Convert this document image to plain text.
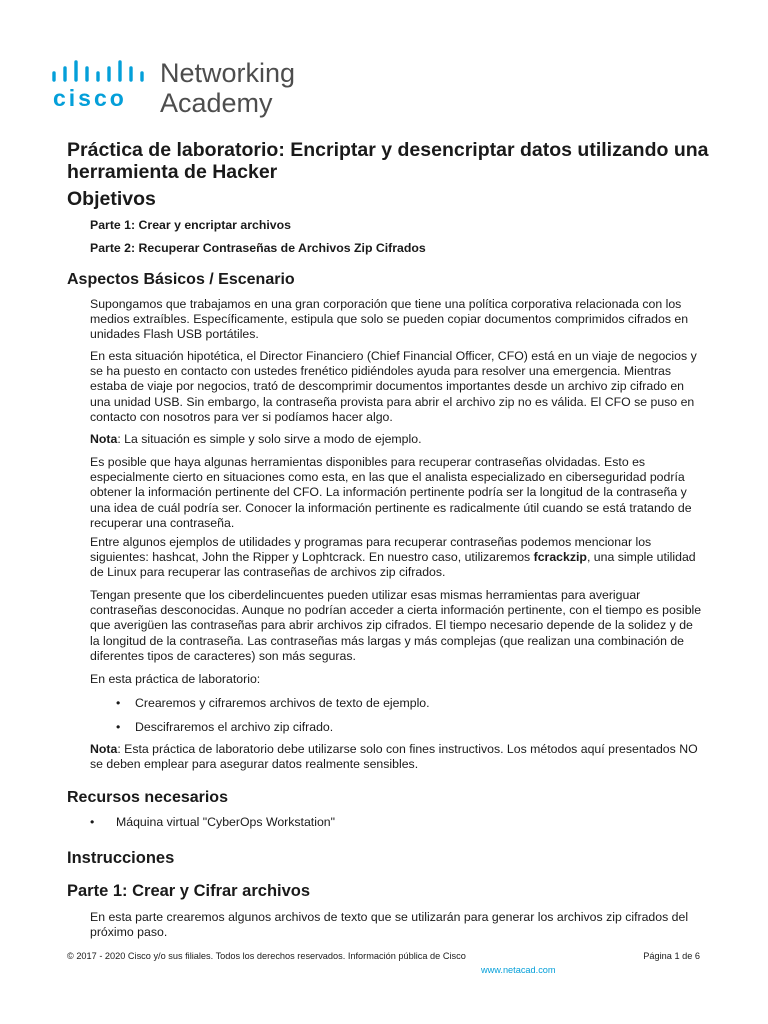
cisco
Networking
Academy
Práctica de laboratorio: Encriptar y desencriptar datos utilizando una herramienta de Hacker
Objetivos

Parte 1: Crear y encriptar archivos

Parte 2: Recuperar Contraseñas de Archivos Zip Cifrados

Aspectos Básicos / Escenario

Supongamos que trabajamos en una gran corporación que tiene una política corporativa relacionada con los medios extraíbles. Específicamente, estipula que solo se pueden copiar documentos comprimidos cifrados en unidades Flash USB portátiles.

En esta situación hipotética, el Director Financiero (Chief Financial Officer, CFO) está en un viaje de negocios y se ha puesto en contacto con ustedes frenético pidiéndoles ayuda para resolver una emergencia. Mientras estaba de viaje por negocios, trató de descomprimir documentos importantes desde un archivo zip cifrado en una unidad USB. Sin embargo, la contraseña provista para abrir el archivo zip no es válida. El CFO se puso en contacto con nosotros para ver si podíamos hacer algo.

Nota: La situación es simple y solo sirve a modo de ejemplo.

Es posible que haya algunas herramientas disponibles para recuperar contraseñas olvidadas. Esto es especialmente cierto en situaciones como esta, en las que el analista especializado en ciberseguridad podría obtener la información pertinente del CFO. La información pertinente podría ser la longitud de la contraseña y una idea de cuál podría ser. Conocer la información pertinente es radicalmente útil cuando se está tratando de recuperar una contraseña.

Entre algunos ejemplos de utilidades y programas para recuperar contraseñas podemos mencionar los siguientes: hashcat, John the Ripper y Lophtcrack. En nuestro caso, utilizaremos fcrackzip, una simple utilidad de Linux para recuperar las contraseñas de archivos zip cifrados.

Tengan presente que los ciberdelincuentes pueden utilizar esas mismas herramientas para averiguar contraseñas desconocidas. Aunque no podrían acceder a cierta información pertinente, con el tiempo es posible que averigüen las contraseñas para abrir archivos zip cifrados. El tiempo necesario depende de la solidez y de la longitud de la contraseña. Las contraseñas más largas y más complejas (que realizan una combinación de diferentes tipos de caracteres) son más seguras.

En esta práctica de laboratorio:

• Crearemos y cifraremos archivos de texto de ejemplo.
• Descifraremos el archivo zip cifrado.

Nota: Esta práctica de laboratorio debe utilizarse solo con fines instructivos. Los métodos aquí presentados NO se deben emplear para asegurar datos realmente sensibles.

Recursos necesarios
• Máquina virtual "CyberOps Workstation"
Instrucciones
Parte 1: Crear y Cifrar archivos

En esta parte crearemos algunos archivos de texto que se utilizarán para generar los archivos zip cifrados del próximo paso.

© 2017 - 2020 Cisco y/o sus filiales. Todos los derechos reservados. Información pública de Cisco	Página 1 de 6
www.netacad.com
